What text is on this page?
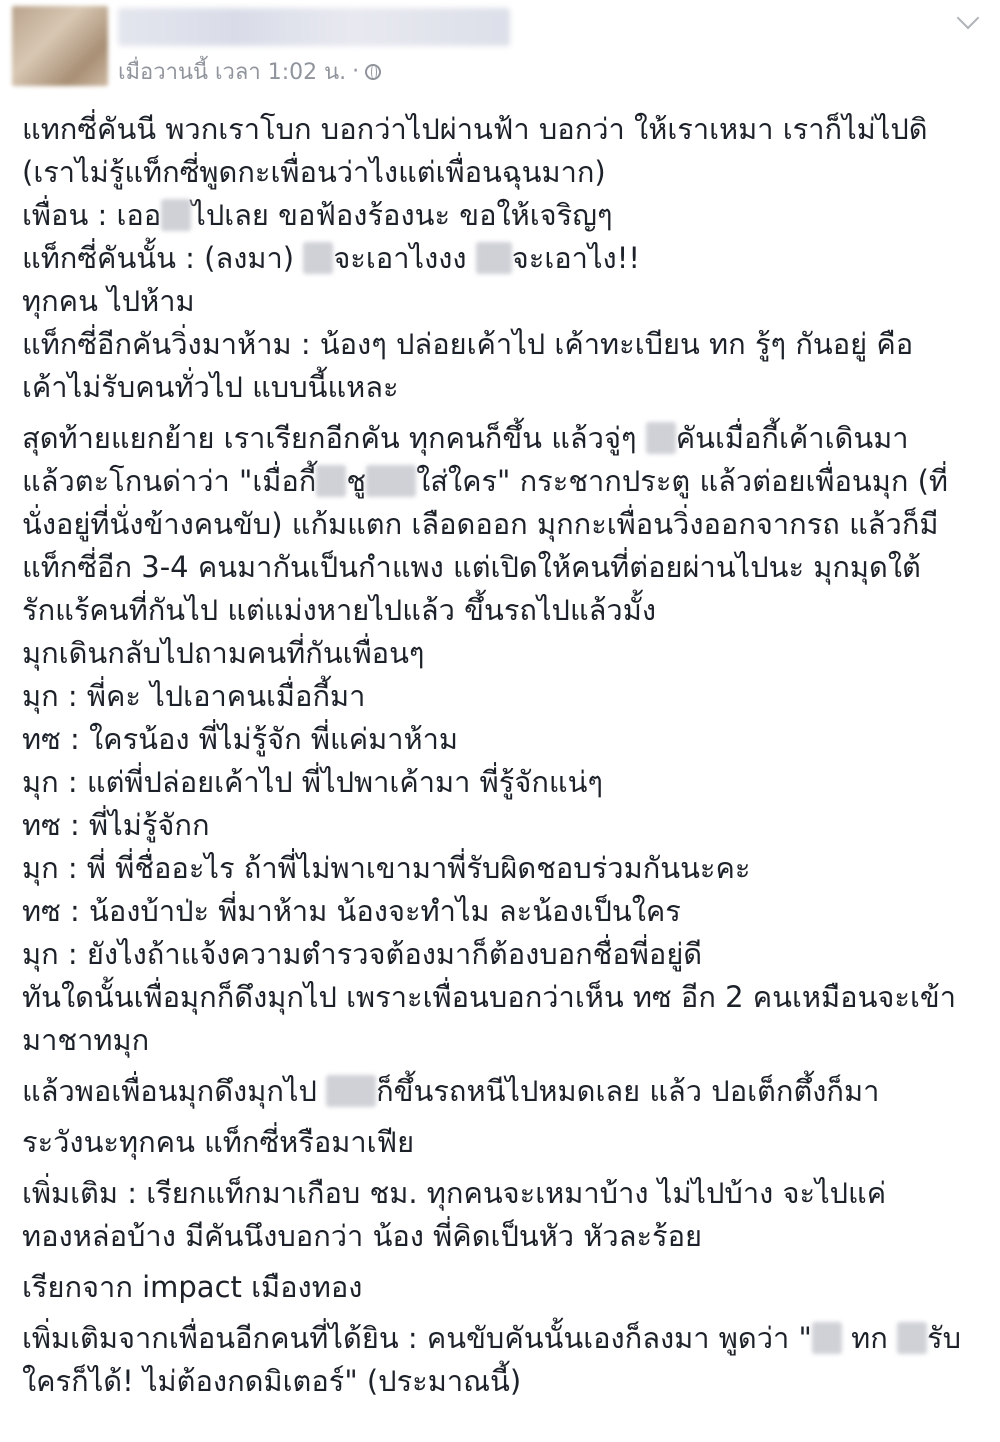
เมื่อวานนี้ เวลา 1:02 น. ·

แทกซี่คันนี พวกเราโบก บอกว่าไปผ่านฟ้า บอกว่า ให้เราเหมา เราก็ไม่ไปดิ
(เราไม่รู้แท็กซี่พูดกะเพื่อนว่าไงแต่เพื่อนฉุนมาก)
เพื่อน : เออ ไปเลย ขอฟ้องร้องนะ ขอให้เจริญๆ
แท็กซี่คันนั้น : (ลงมา) จะเอาไงงง จะเอาไง!!
ทุกคน ไปห้าม
แท็กซี่อีกคันวิ่งมาห้าม : น้องๆ ปล่อยเค้าไป เค้าทะเบียน ทก รู้ๆ กันอยู่ คือ
เค้าไม่รับคนทั่วไป แบบนี้แหละ

สุดท้ายแยกย้าย เราเรียกอีกคัน ทุกคนก็ขึ้น แล้วจู่ๆ คันเมื่อกี้เค้าเดินมา
แล้วตะโกนด่าว่า "เมื่อกี้ ชู ใส่ใคร" กระชากประตู แล้วต่อยเพื่อนมุก (ที่
นั่งอยู่ที่นั่งข้างคนขับ) แก้มแตก เลือดออก มุกกะเพื่อนวิ่งออกจากรถ แล้วก็มี
แท็กซี่อีก 3-4 คนมากันเป็นกำแพง แต่เปิดให้คนที่ต่อยผ่านไปนะ มุกมุดใต้
รักแร้คนที่กันไป แต่แม่งหายไปแล้ว ขึ้นรถไปแล้วมั้ง
มุกเดินกลับไปถามคนที่กันเพื่อนๆ
มุก : พี่คะ ไปเอาคนเมื่อกี้มา
ทซ : ใครน้อง พี่ไม่รู้จัก พี่แค่มาห้าม
มุก : แต่พี่ปล่อยเค้าไป พี่ไปพาเค้ามา พี่รู้จักแน่ๆ
ทซ : พี่ไม่รู้จักก
มุก : พี่ พี่ชื่ออะไร ถ้าพี่ไม่พาเขามาพี่รับผิดชอบร่วมกันนะคะ
ทซ : น้องบ้าป่ะ พี่มาห้าม น้องจะทำไม ละน้องเป็นใคร
มุก : ยังไงถ้าแจ้งความตำรวจต้องมาก็ต้องบอกชื่อพี่อยู่ดี
ทันใดนั้นเพื่อมุกก็ดึงมุกไป เพราะเพื่อนบอกว่าเห็น ทซ อีก 2 คนเหมือนจะเข้า
มาชาทมุก

แล้วพอเพื่อนมุกดึงมุกไป ก็ขึ้นรถหนีไปหมดเลย แล้ว ปอเต็กตึ้งก็มา

ระวังนะทุกคน แท็กซี่หรือมาเฟีย

เพิ่มเติม : เรียกแท็กมาเกือบ ชม. ทุกคนจะเหมาบ้าง ไม่ไปบ้าง จะไปแค่
ทองหล่อบ้าง มีคันนึงบอกว่า น้อง พี่คิดเป็นหัว หัวละร้อย

เรียกจาก impact เมืองทอง

เพิ่มเติมจากเพื่อนอีกคนที่ได้ยิน : คนขับคันนั้นเองก็ลงมา พูดว่า " ทก รับ
ใครก็ได้! ไม่ต้องกดมิเตอร์" (ประมาณนี้)
